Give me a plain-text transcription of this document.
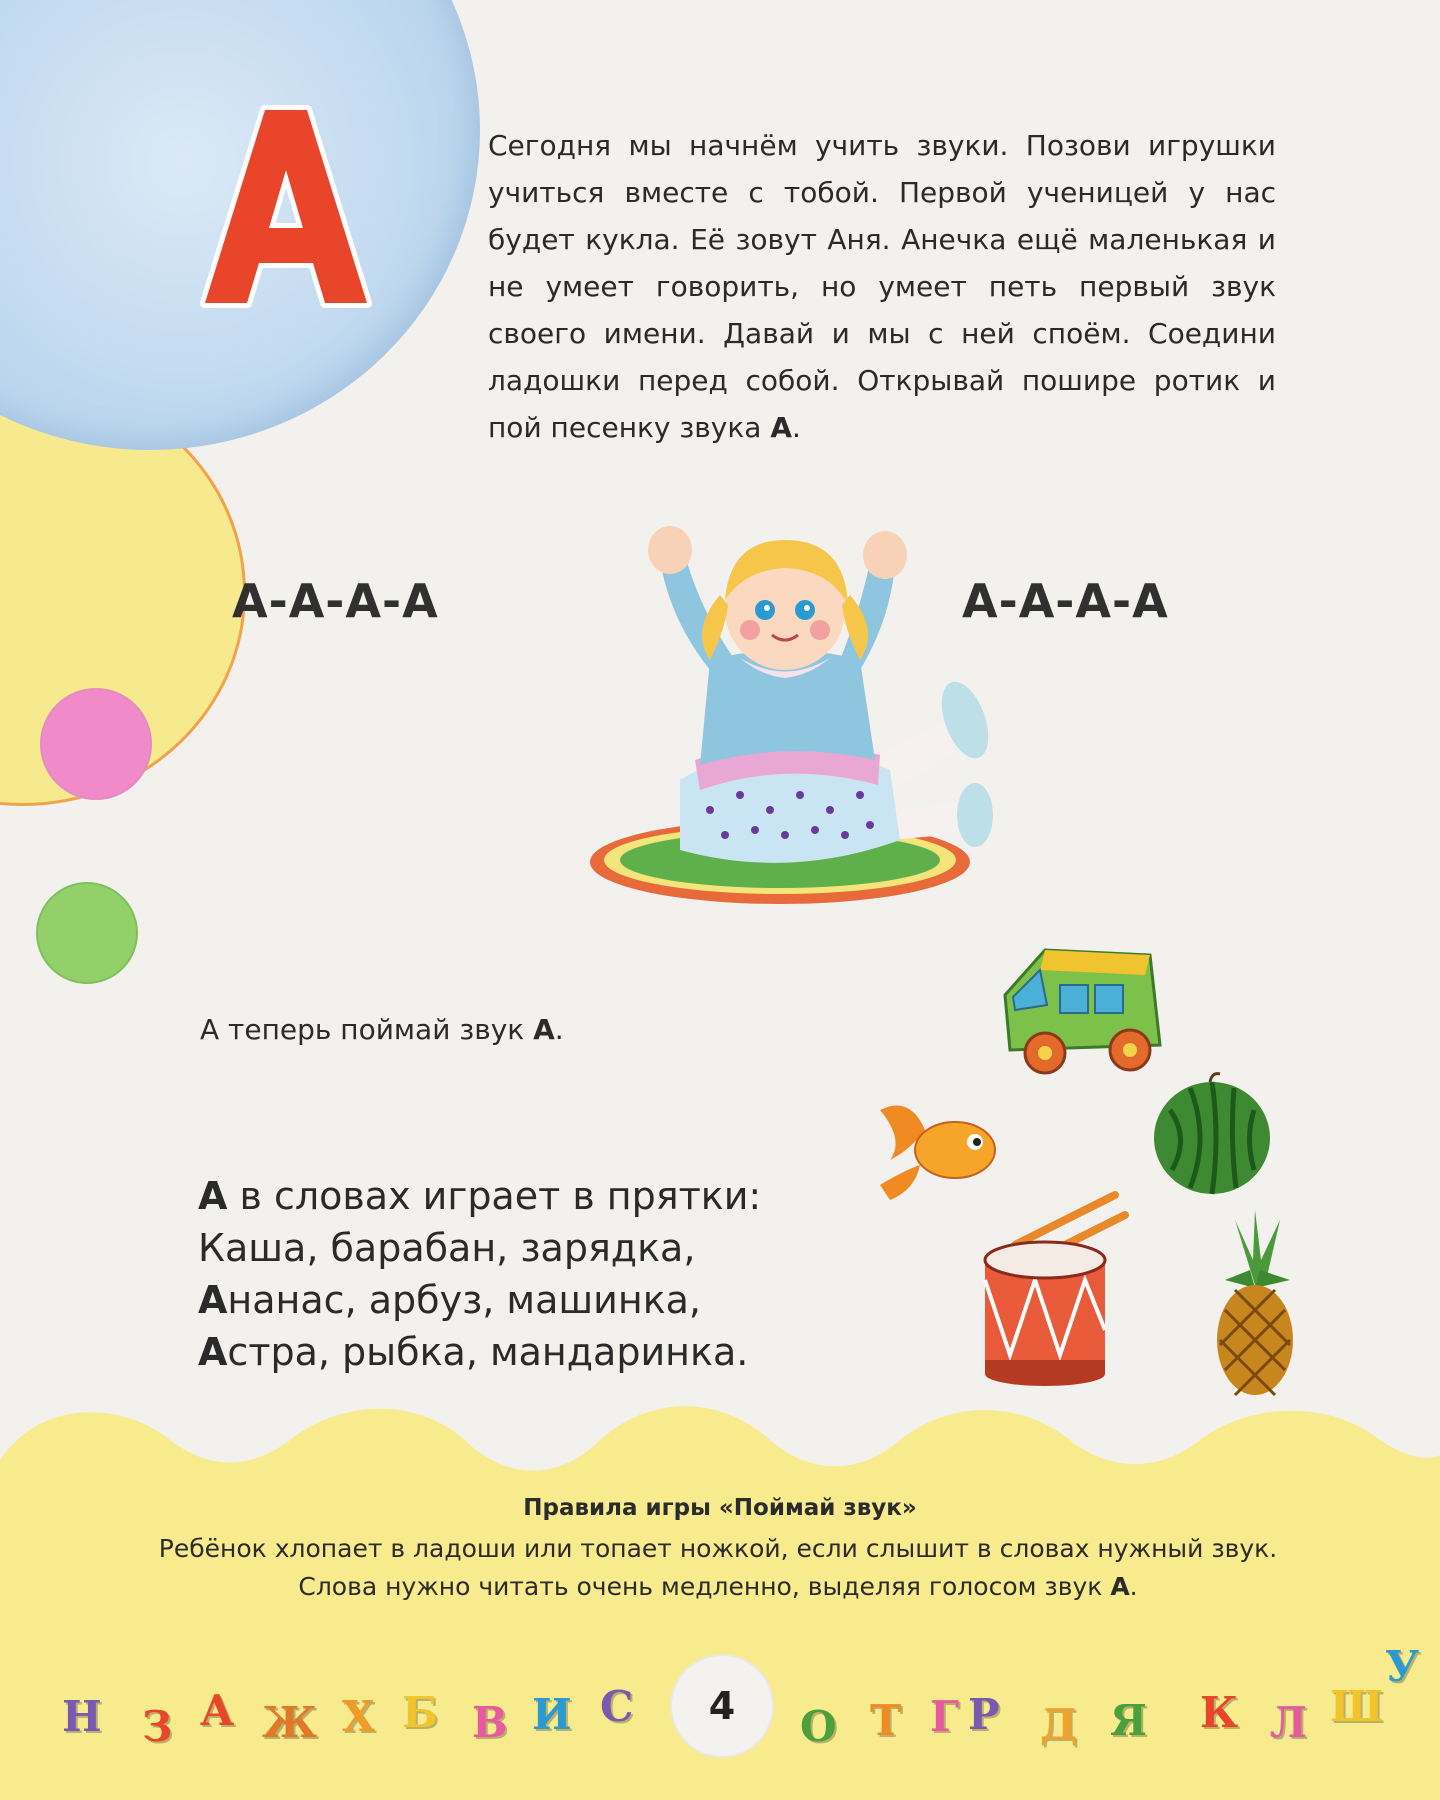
Сегодня мы начнём учить звуки. Позови игрушки учиться вместе с тобой. Первой ученицей у нас будет кукла. Её зовут Аня. Анечка ещё маленькая и не умеет говорить, но умеет петь первый звук своего имени. Давай и мы с ней споём. Соедини ладошки перед собой. Открывай пошире ротик и пой песенку звука А.
А-А-А-А	А-А-А-А
А теперь поймай звук А.
А в словах играет в прятки:
Каша, барабан, зарядка,
Ананас, арбуз, машинка,
Астра, рыбка, мандаринка.
Правила игры «Поймай звук»
Ребёнок хлопает в ладоши или топает ножкой, если слышит в словах нужный звук. Слова нужно читать очень медленно, выделяя голосом звук А.
Н З А Ж Х Б В И С	О Т Г Р Д Я К Л Ш
У
4
